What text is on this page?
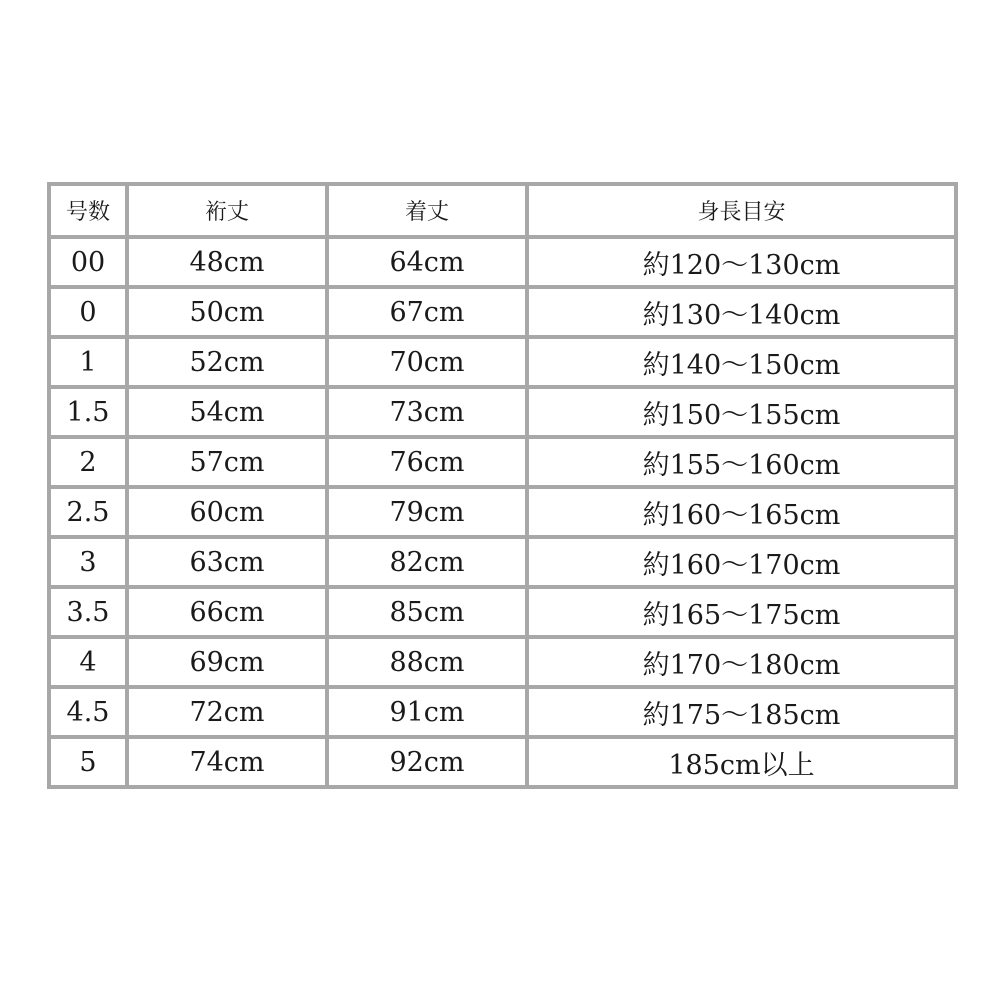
号数	裄丈	着丈	身長目安
00	48cm	64cm	約120〜130cm
0	50cm	67cm	約130〜140cm
1	52cm	70cm	約140〜150cm
1.5	54cm	73cm	約150〜155cm
2	57cm	76cm	約155〜160cm
2.5	60cm	79cm	約160〜165cm
3	63cm	82cm	約160〜170cm
3.5	66cm	85cm	約165〜175cm
4	69cm	88cm	約170〜180cm
4.5	72cm	91cm	約175〜185cm
5	74cm	92cm	185cm以上
